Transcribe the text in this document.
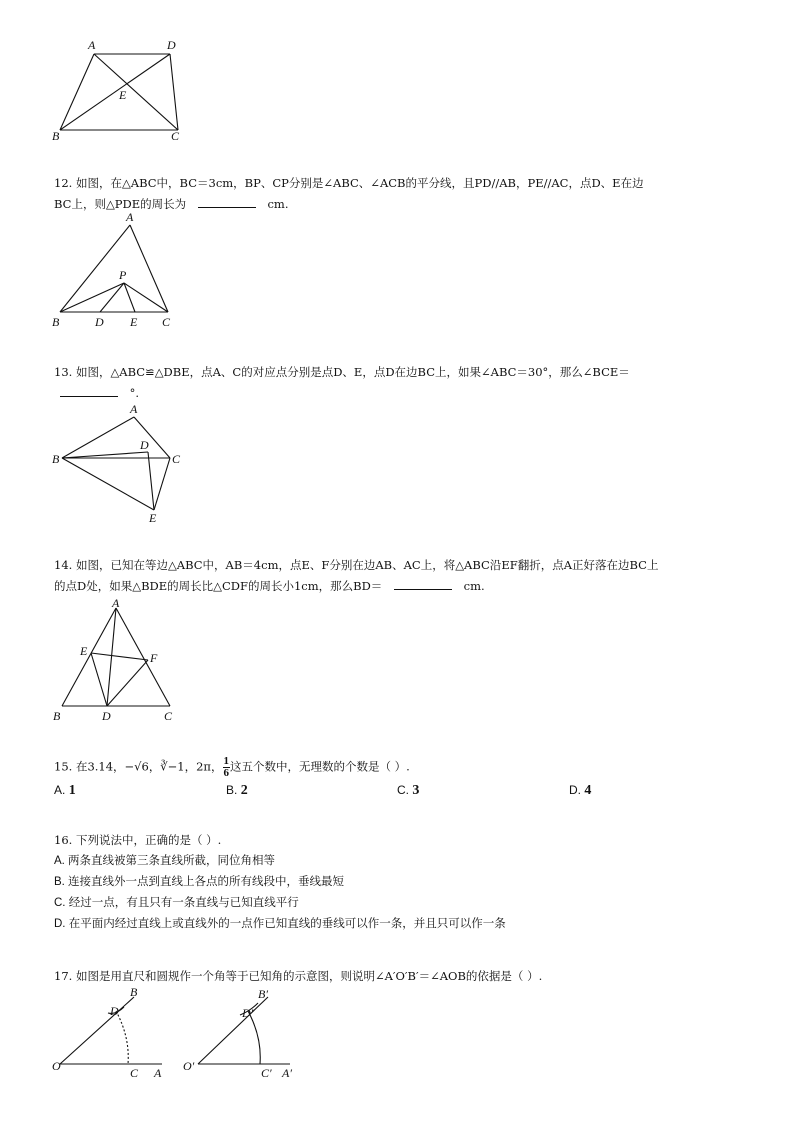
A	D
E
B	C
12. 如图，在△ABC中，BC＝3cm，BP、CP分别是∠ABC、∠ACB的平分线，且PD//AB，PE//AC，点D、E在边
BC上，则△PDE的周长为	cm.
A
P
B	D E C
13. 如图，△ABC≌△DBE，点A、C的对应点分别是点D、E，点D在边BC上，如果∠ABC＝30°，那么∠BCE＝
°.
A
B
D
C
E
14. 如图，已知在等边△ABC中，AB＝4cm，点E、F分别在边AB、AC上，将△ABC沿EF翻折，点A正好落在边BC上
的点D处，如果△BDE的周长比△CDF的周长小1cm，那么BD＝	cm.
A
E	F
B	D	C
15. 在3.14，−√6，∛−1，2π， $\frac{1}{6}$ 这五个数中，无理数的个数是（ ）.
A. 1	B. 2	C. 3	D. 4
16. 下列说法中，正确的是（ ）.
A. 两条直线被第三条直线所截，同位角相等
B. 连接直线外一点到直线上各点的所有线段中，垂线最短
C. 经过一点，有且只有一条直线与已知直线平行
D. 在平面内经过直线上或直线外的一点作已知直线的垂线可以作一条，并且只可以作一条
17. 如图是用直尺和圆规作一个角等于已知角的示意图，则说明∠A′O′B′＝∠AOB的依据是（ ）.
B
D
O	C A
B′
D′
O′	C′ A′
